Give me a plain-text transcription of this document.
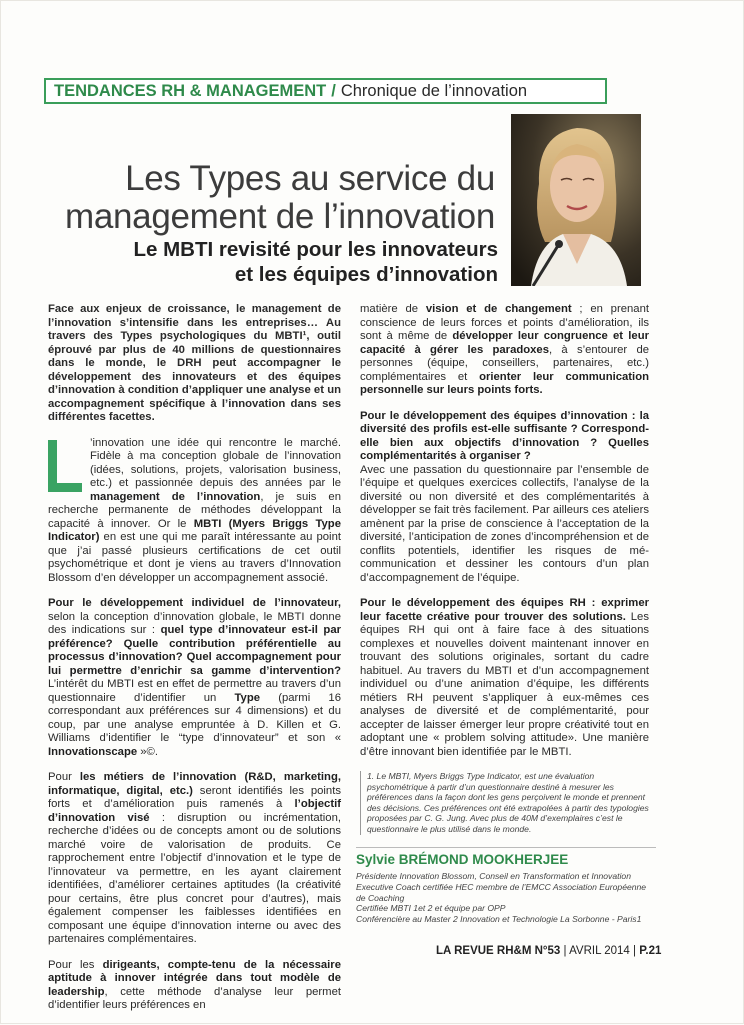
TENDANCES RH & MANAGEMENT / Chronique de l’innovation
Les Types au service du
management de l’innovation
Le MBTI revisité pour les innovateurs
et les équipes d’innovation

Face aux enjeux de croissance, le management de l’innovation s’intensifie dans les entreprises… Au travers des Types psychologiques du MBTI¹, outil éprouvé par plus de 40 millions de questionnaires dans le monde, le DRH peut accompagner le développement des innovateurs et des équipes d’innovation à condition d’appliquer une analyse et un accompagnement spécifique à l’innovation dans ses différentes facettes.

’innovation une idée qui rencontre le marché. Fidèle à ma conception globale de l’innovation (idées, solutions, projets, valorisation business, etc.) et passionnée depuis des années par le management de l’innovation, je suis en recherche permanente de méthodes développant la capacité à innover. Or le MBTI (Myers Briggs Type Indicator) en est une qui me paraît intéressante au point que j’ai passé plusieurs certifications de cet outil psychométrique et dont je viens au travers d’Innovation Blossom d’en développer un accompagnement associé.

Pour le développement individuel de l’innovateur, selon la conception d’innovation globale, le MBTI donne des indications sur : quel type d’innovateur est-il par préférence? Quelle contribution préférentielle au processus d’innovation? Quel accompagnement pour lui permettre d’enrichir sa gamme d’intervention? L’intérêt du MBTI est en effet de permettre au travers d’un questionnaire d’identifier un Type (parmi 16 correspondant aux préférences sur 4 dimensions) et du coup, par une analyse empruntée à D. Killen et G. Williams d’identifier le “type d’innovateur” et son « Innovationscape »©.

Pour les métiers de l’innovation (R&D, marketing, informatique, digital, etc.) seront identifiés les points forts et d’amélioration puis ramenés à l’objectif d’innovation visé : disruption ou incrémentation, recherche d’idées ou de concepts amont ou de solutions marché voire de valorisation de produits. Ce rapprochement entre l’objectif d’innovation et le type de l’innovateur va permettre, en les ayant clairement identifiées, d’améliorer certaines aptitudes (la créativité pour certains, être plus concret pour d’autres), mais également compenser les faiblesses identifiées en composant une équipe d’innovation interne ou avec des partenaires complémentaires.

Pour les dirigeants, compte-tenu de la nécessaire aptitude à innover intégrée dans tout modèle de leadership, cette méthode d’analyse leur permet d’identifier leurs préférences en

matière de vision et de changement ; en prenant conscience de leurs forces et points d’amélioration, ils sont à même de développer leur congruence et leur capacité à gérer les paradoxes, à s’entourer de personnes (équipe, conseillers, partenaires, etc.) complémentaires et orienter leur communication personnelle sur leurs points forts.

Pour le développement des équipes d’innovation : la diversité des profils est-elle suffisante ? Correspond-elle bien aux objectifs d’innovation ? Quelles complémentarités à organiser ?
Avec une passation du questionnaire par l’ensemble de l’équipe et quelques exercices collectifs, l’analyse de la diversité ou non diversité et des complémentarités à développer se fait très facilement. Par ailleurs ces ateliers amènent par la prise de conscience à l’acceptation de la diversité, l’anticipation de zones d’incompréhension et de conflits potentiels, identifier les risques de mé-communication et dessiner les contours d’un plan d’accompagnement de l’équipe.

Pour le développement des équipes RH : exprimer leur facette créative pour trouver des solutions. Les équipes RH qui ont à faire face à des situations complexes et nouvelles doivent maintenant innover en trouvant des solutions originales, sortant du cadre habituel. Au travers du MBTI et d’un accompagnement individuel ou d’une animation d’équipe, les différents métiers RH peuvent s’appliquer à eux-mêmes ces analyses de diversité et de complémentarité, pour accepter de laisser émerger leur propre créativité tout en adoptant une « problem solving attitude». Une manière d’être innovant bien identifiée par le MBTI.

1. Le MBTI, Myers Briggs Type Indicator, est une évaluation psychométrique à partir d’un questionnaire destiné à mesurer les préférences dans la façon dont les gens perçoivent le monde et prennent des décisions. Ces préférences ont été extrapolées à partir des typologies proposées par C. G. Jung. Avec plus de 40M d’exemplaires c’est le questionnaire le plus utilisé dans le monde.
Sylvie BRÉMOND MOOKHERJEE
Présidente Innovation Blossom, Conseil en Transformation et Innovation
Executive Coach certifiée HEC membre de l’EMCC Association Européenne de Coaching
Certifiée MBTI 1et 2 et équipe par OPP
Conférencière au Master 2 Innovation et Technologie La Sorbonne - Paris1
LA REVUE RH&M N°53 | AVRIL 2014 | P.21
